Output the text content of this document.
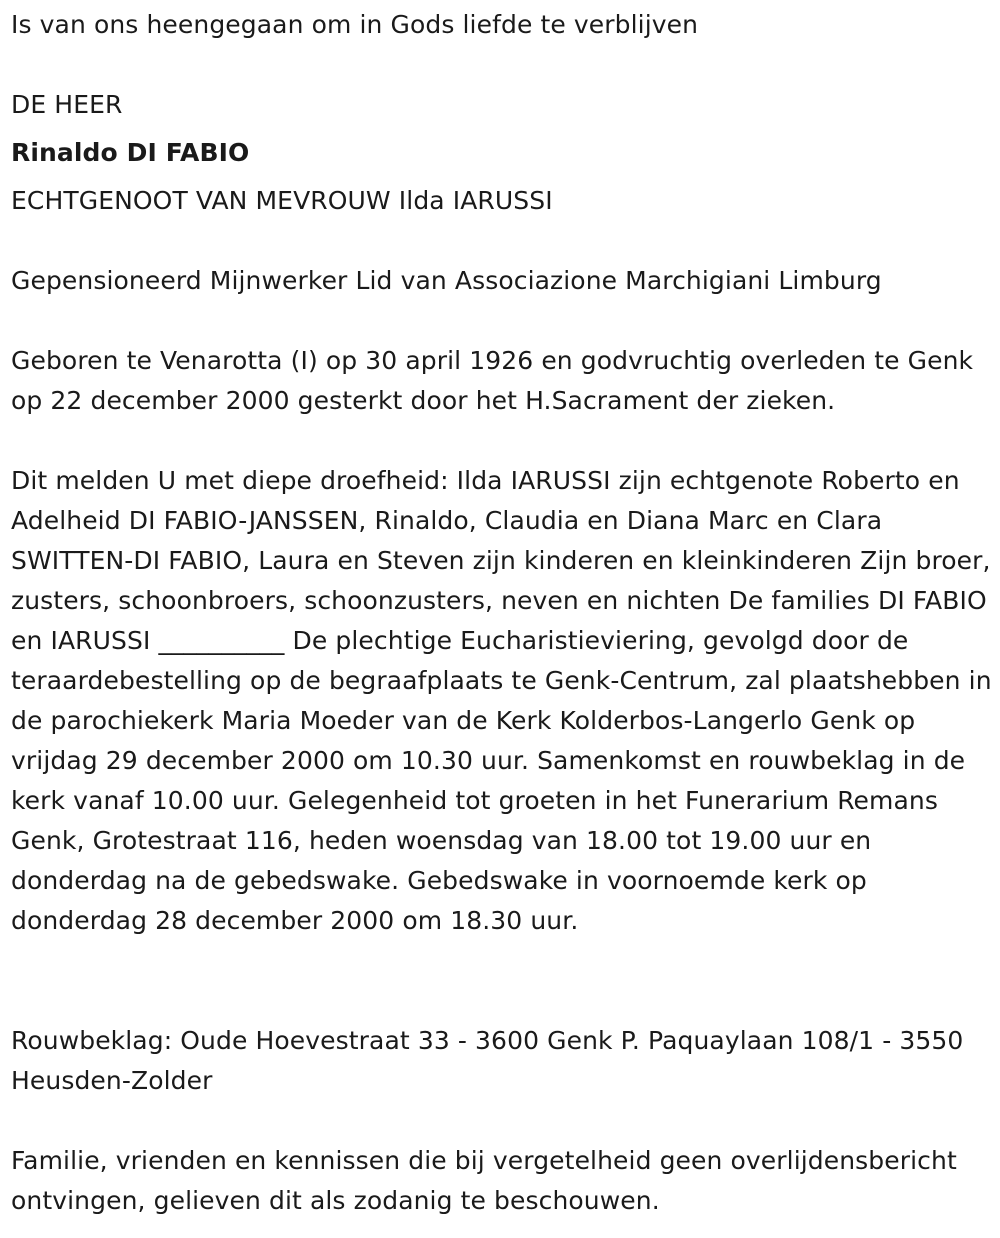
Is van ons heengegaan om in Gods liefde te verblijven

DE HEER

Rinaldo DI FABIO

ECHTGENOOT VAN MEVROUW Ilda IARUSSI

Gepensioneerd Mijnwerker Lid van Associazione Marchigiani Limburg

Geboren te Venarotta (I) op 30 april 1926 en godvruchtig overleden te Genk op 22 december 2000 gesterkt door het H.Sacrament der zieken.

Dit melden U met diepe droefheid: Ilda IARUSSI zijn echtgenote Roberto en Adelheid DI FABIO-JANSSEN, Rinaldo, Claudia en Diana Marc en Clara SWITTEN-DI FABIO, Laura en Steven zijn kinderen en kleinkinderen Zijn broer, zusters, schoonbroers, schoonzusters, neven en nichten De families DI FABIO en IARUSSI __________ De plechtige Eucharistieviering, gevolgd door de teraardebestelling op de begraafplaats te Genk-Centrum, zal plaatshebben in de parochiekerk Maria Moeder van de Kerk Kolderbos-Langerlo Genk op vrijdag 29 december 2000 om 10.30 uur. Samenkomst en rouwbeklag in de kerk vanaf 10.00 uur. Gelegenheid tot groeten in het Funerarium Remans Genk, Grotestraat 116, heden woensdag van 18.00 tot 19.00 uur en donderdag na de gebedswake. Gebedswake in voornoemde kerk op donderdag 28 december 2000 om 18.30 uur.

Rouwbeklag: Oude Hoevestraat 33 - 3600 Genk P. Paquaylaan 108/1 - 3550 Heusden-Zolder

Familie, vrienden en kennissen die bij vergetelheid geen overlijdensbericht ontvingen, gelieven dit als zodanig te beschouwen.
